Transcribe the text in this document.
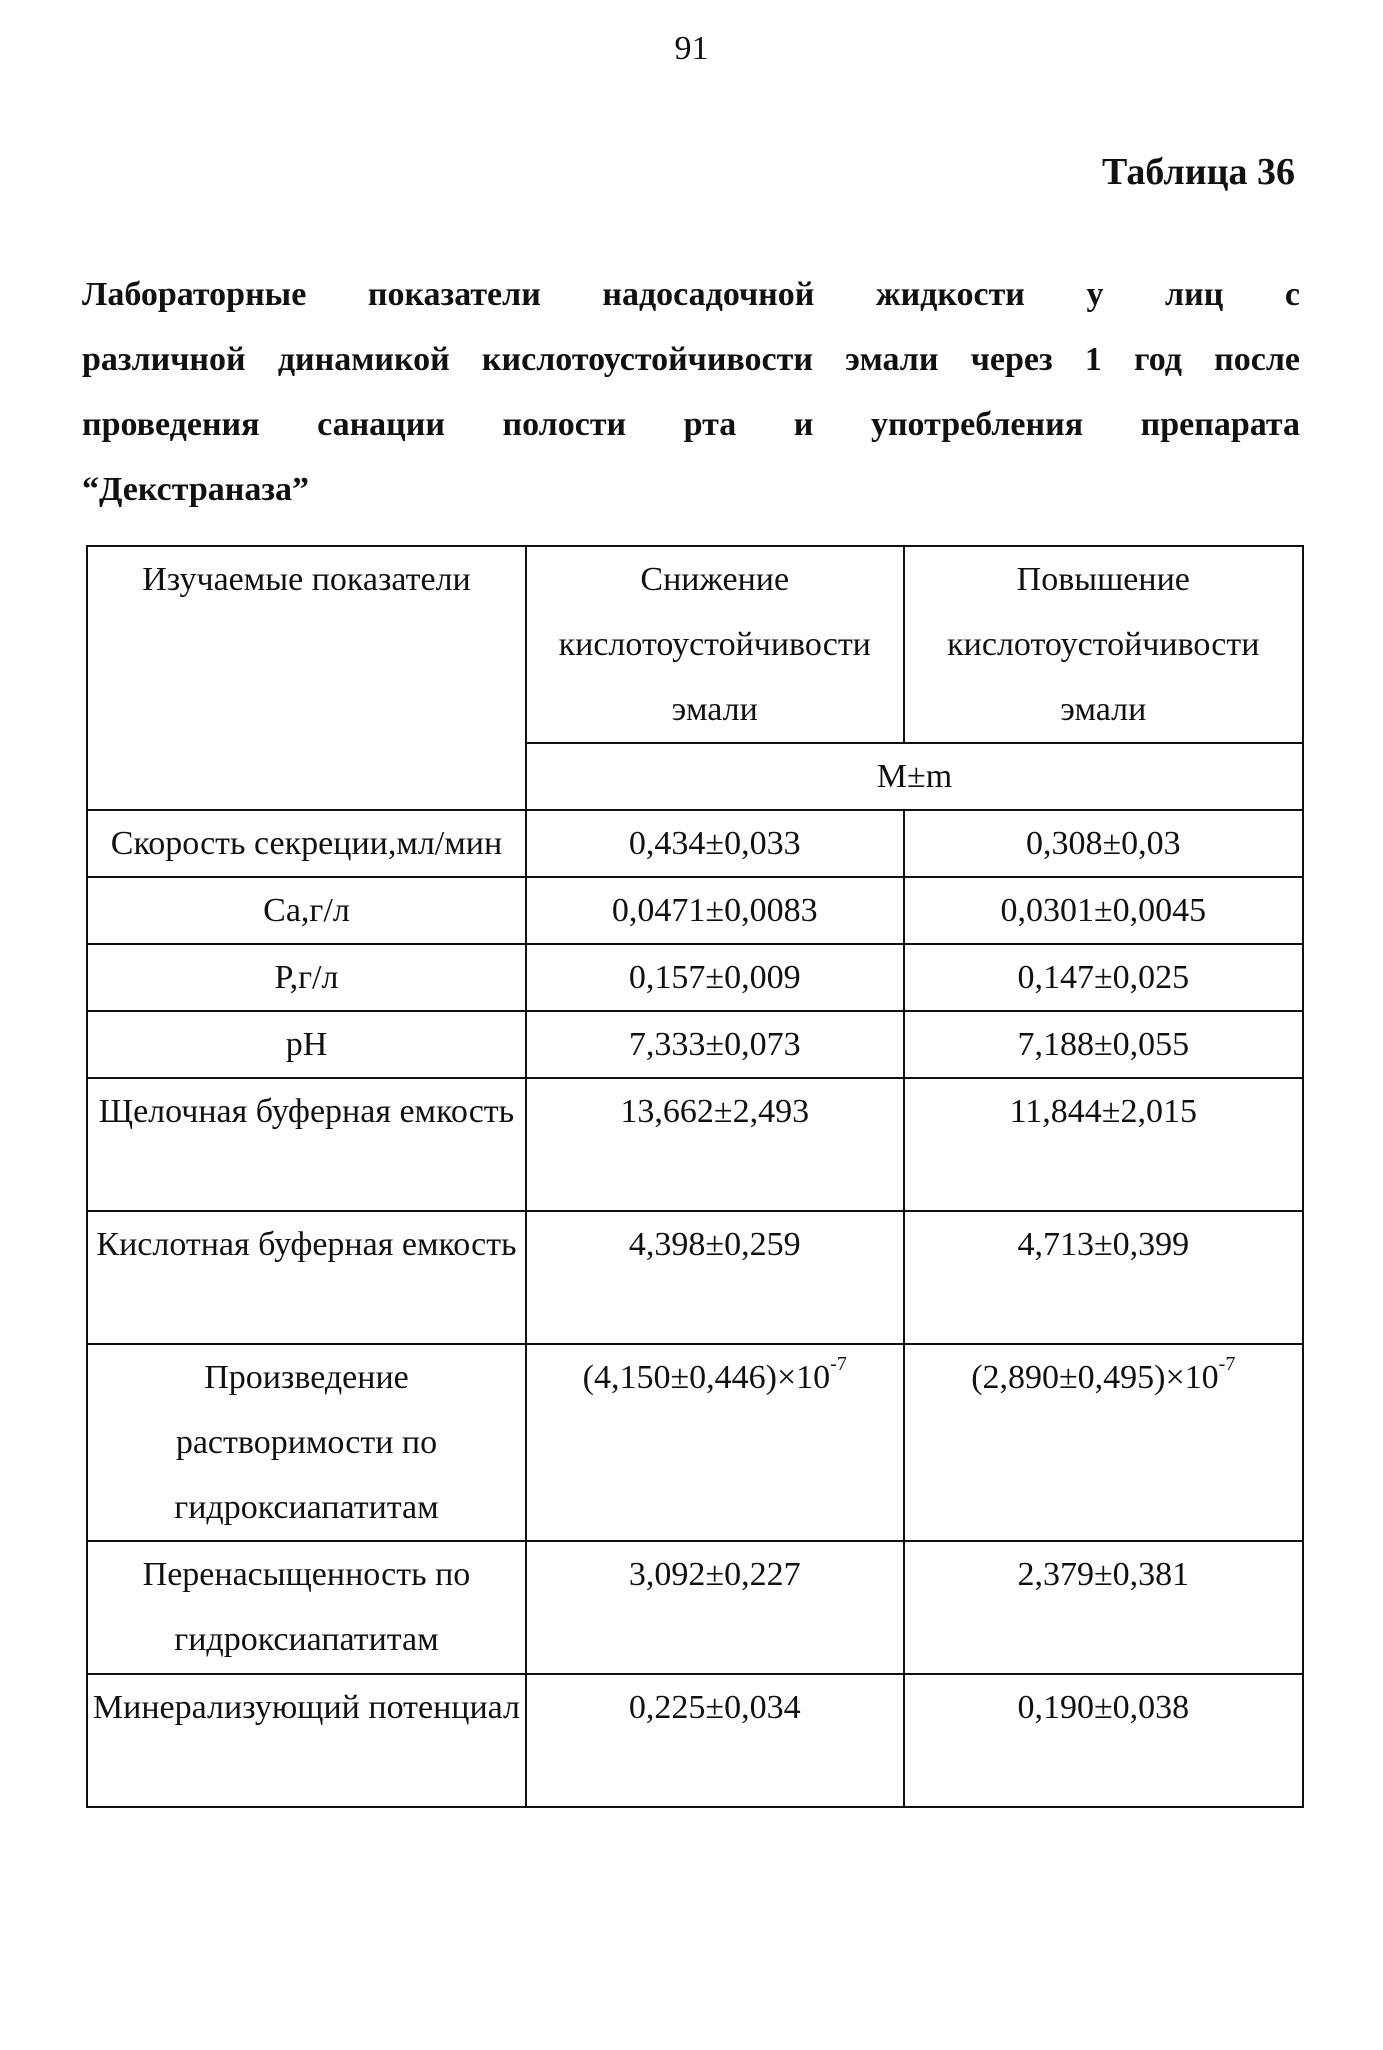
91
Таблица 36
Лабораторные показатели надосадочной жидкости у лиц с
различной динамикой кислотоустойчивости эмали через 1 год после
проведения санации полости рта и употребления препарата
“Декстраназа”
Изучаемые показатели	Снижение кислотоустойчивости эмали	Повышение кислотоустойчивости эмали
	M±m	
Скорость секреции,мл/мин	0,434±0,033	0,308±0,03
Ca,г/л	0,0471±0,0083	0,0301±0,0045
P,г/л	0,157±0,009	0,147±0,025
pH	7,333±0,073	7,188±0,055
Щелочная буферная емкость	13,662±2,493	11,844±2,015
Кислотная буферная емкость	4,398±0,259	4,713±0,399
Произведение растворимости по гидроксиапатитам	$(4,150\pm 0,446)\times 10^{-7}$	$(2,890\pm 0,495)\times 10^{-7}$
Перенасыщенность по гидроксиапатитам	3,092±0,227	2,379±0,381
Минерализующий потенциал	0,225±0,034	0,190±0,038
